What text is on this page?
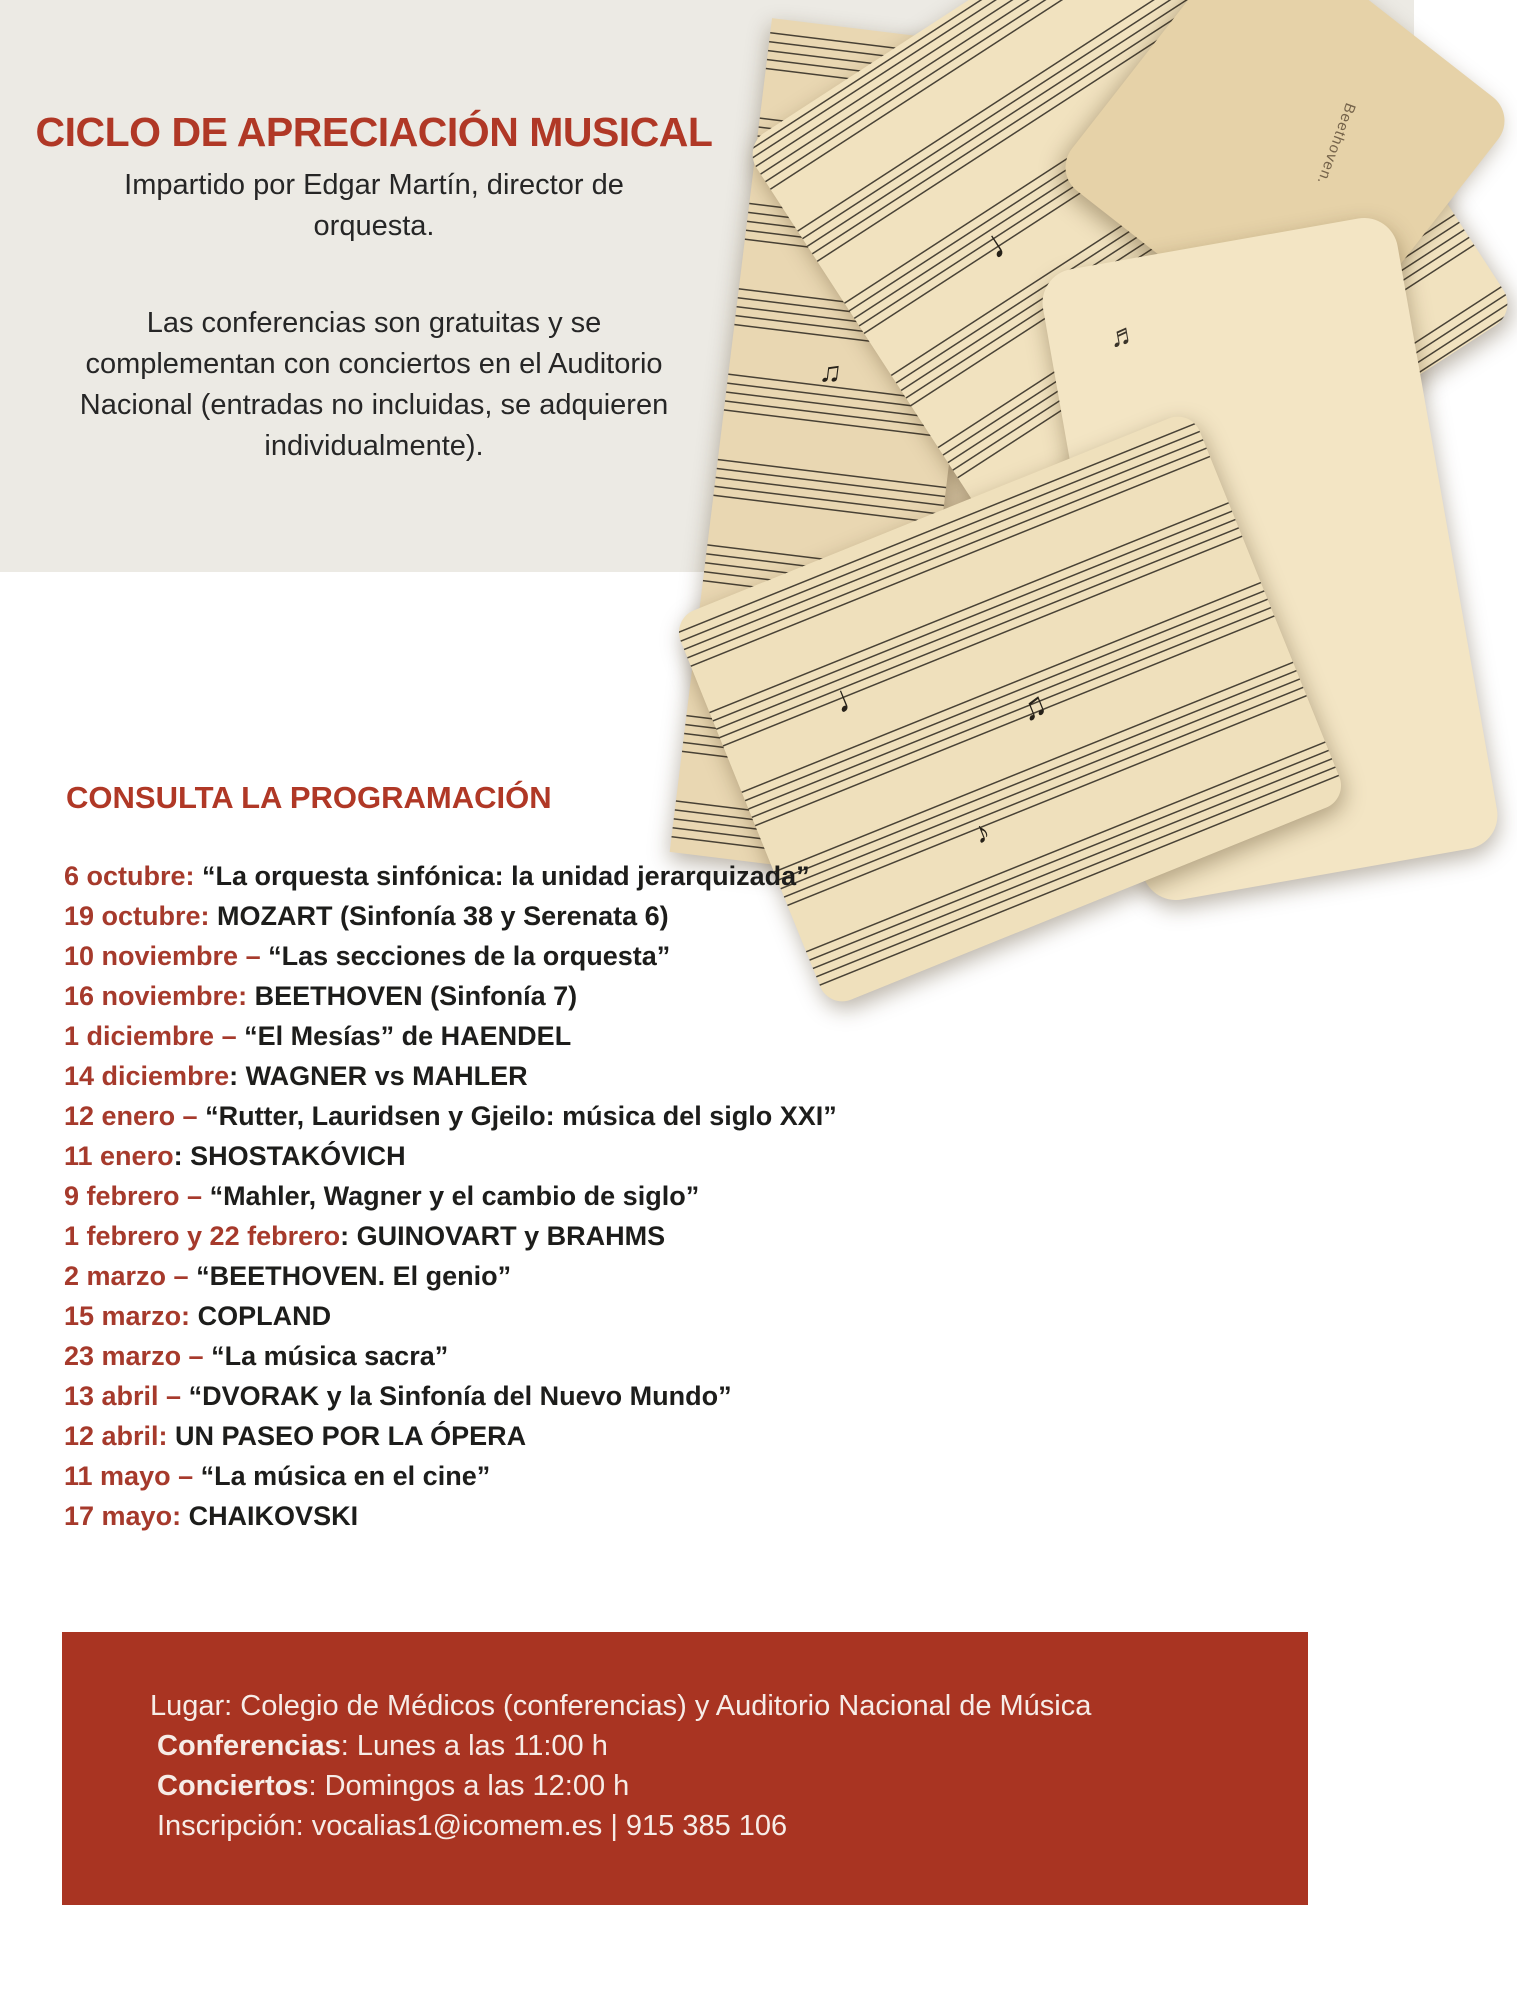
CICLO DE APRECIACIÓN MUSICAL
Impartido por Edgar Martín, director de
orquesta.
Las conferencias son gratuitas y se
complementan con conciertos en el Auditorio
Nacional (entradas no incluidas, se adquieren
individualmente).
♫
♩
Beethoven.
♬
♩	♫
♪
CONSULTA LA PROGRAMACIÓN
6 octubre: “La orquesta sinfónica: la unidad jerarquizada”
19 octubre: MOZART (Sinfonía 38 y Serenata 6)
10 noviembre – “Las secciones de la orquesta”
16 noviembre: BEETHOVEN (Sinfonía 7)
1 diciembre – “El Mesías” de HAENDEL
14 diciembre: WAGNER vs MAHLER
12 enero – “Rutter, Lauridsen y Gjeilo: música del siglo XXI”
11 enero: SHOSTAKÓVICH
9 febrero – “Mahler, Wagner y el cambio de siglo”
1 febrero y 22 febrero: GUINOVART y BRAHMS
2 marzo – “BEETHOVEN. El genio”
15 marzo: COPLAND
23 marzo – “La música sacra”
13 abril – “DVORAK y la Sinfonía del Nuevo Mundo”
12 abril: UN PASEO POR LA ÓPERA
11 mayo – “La música en el cine”
17 mayo: CHAIKOVSKI
Lugar: Colegio de Médicos (conferencias) y Auditorio Nacional de Música
Conferencias: Lunes a las 11:00 h
Conciertos: Domingos a las 12:00 h
Inscripción: vocalias1@icomem.es | 915 385 106
